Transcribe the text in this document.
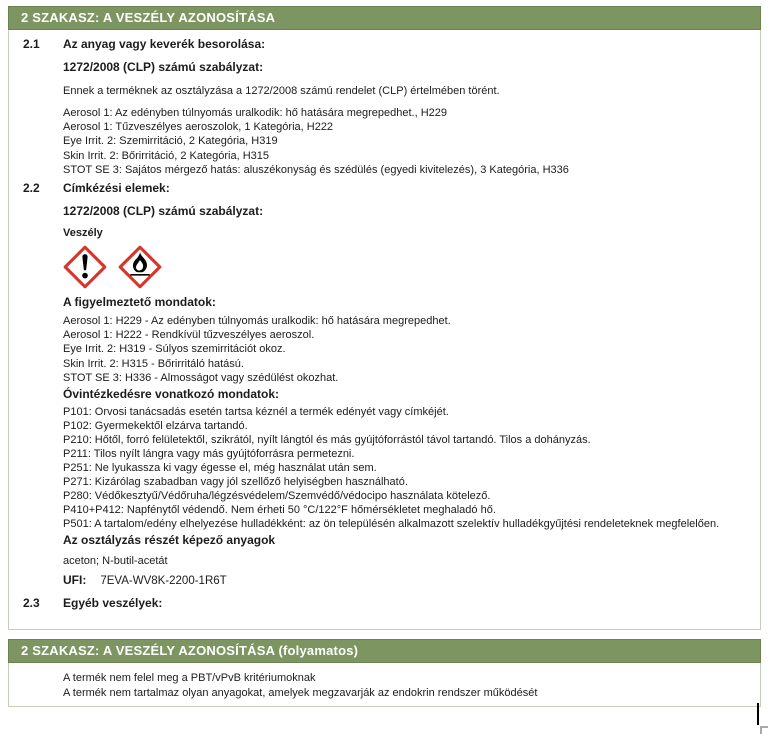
2 SZAKASZ: A VESZÉLY AZONOSÍTÁSA
2.1	Az anyag vagy keverék besorolása:
1272/2008 (CLP) számú szabályzat:
Ennek a terméknek az osztályzása a 1272/2008 számú rendelet (CLP) értelmében törént.
Aerosol 1: Az edényben túlnyomás uralkodik: hő hatására megrepedhet., H229
Aerosol 1: Tűzveszélyes aeroszolok, 1 Kategória, H222
Eye Irrit. 2: Szemirritáció, 2 Kategória, H319
Skin Irrit. 2: Bőrirritáció, 2 Kategória, H315
STOT SE 3: Sajátos mérgező hatás: aluszékonyság és szédülés (egyedi kivitelezés), 3 Kategória, H336
2.2	Címkézési elemek:
1272/2008 (CLP) számú szabályzat:
Veszély
A figyelmeztető mondatok:
Aerosol 1: H229 - Az edényben túlnyomás uralkodik: hő hatására megrepedhet.
Aerosol 1: H222 - Rendkívül tűzveszélyes aeroszol.
Eye Irrit. 2: H319 - Súlyos szemirritációt okoz.
Skin Irrit. 2: H315 - Bőrirritáló hatású.
STOT SE 3: H336 - Almosságot vagy szédülést okozhat.
Óvintézkedésre vonatkozó mondatok:
P101: Orvosi tanácsadás esetén tartsa kéznél a termék edényét vagy címkéjét.
P102: Gyermekektől elzárva tartandó.
P210: Hőtől, forró felületektől, szikrától, nyílt lángtól és más gyújtóforrástól távol tartandó. Tilos a dohányzás.
P211: Tilos nyílt lángra vagy más gyújtóforrásra permetezni.
P251: Ne lyukassza ki vagy égesse el, még használat után sem.
P271: Kizárólag szabadban vagy jól szellőző helyiségben használható.
P280: Védőkesztyű/Védőruha/légzésvédelem/Szemvédő/védocipo használata kötelező.
P410+P412: Napfénytől védendő. Nem érheti 50 °C/122°F hőmérsékletet meghaladó hő.
P501: A tartalom/edény elhelyezése hulladékként: az ön településén alkalmazott szelektív hulladékgyűjtési rendeleteknek megfelelően.
Az osztályzás részét képező anyagok
aceton; N-butil-acetát
UFI: 7EVA-WV8K-2200-1R6T
2.3	Egyéb veszélyek:
2 SZAKASZ: A VESZÉLY AZONOSÍTÁSA (folyamatos)
A termék nem felel meg a PBT/vPvB kritériumoknak
A termék nem tartalmaz olyan anyagokat, amelyek megzavarják az endokrin rendszer működését
